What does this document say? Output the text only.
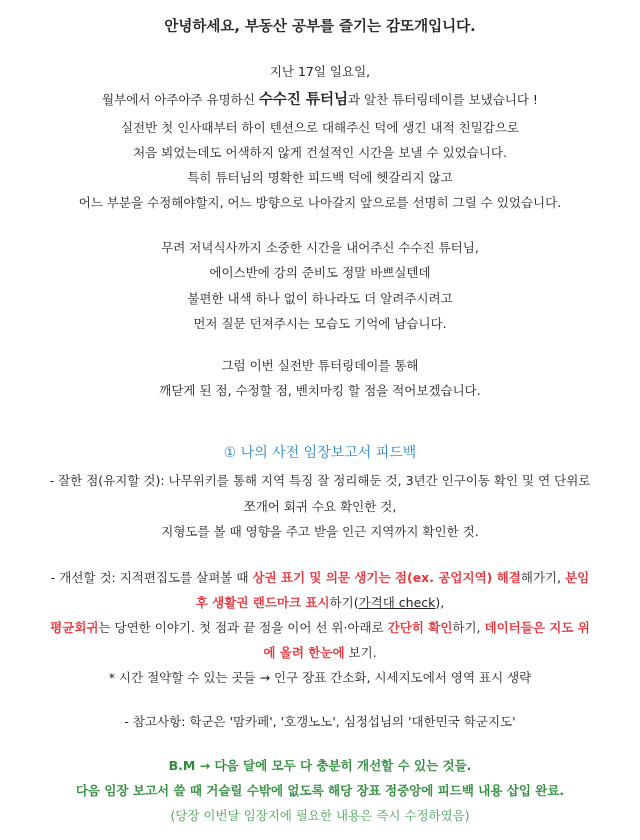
안녕하세요, 부동산 공부를 즐기는 감또개입니다.
지난 17일 일요일,
월부에서 아주아주 유명하신 수수진 튜터님과 알찬 튜터링데이를 보냈습니다 !
실전반 첫 인사때부터 하이 텐션으로 대해주신 덕에 생긴 내적 친밀감으로
처음 뵈었는데도 어색하지 않게 건설적인 시간을 보낼 수 있었습니다.
특히 튜터님의 명확한 피드백 덕에 헷갈리지 않고
어느 부분을 수정해야할지, 어느 방향으로 나아갈지 앞으로를 선명히 그릴 수 있었습니다.
무려 저녁식사까지 소중한 시간을 내어주신 수수진 튜터님,
에이스반에 강의 준비도 정말 바쁘실텐데
불편한 내색 하나 없이 하나라도 더 알려주시려고
먼저 질문 던져주시는 모습도 기억에 남습니다.
그럼 이번 실전반 튜터링데이를 통해
깨닫게 된 점, 수정할 점, 벤치마킹 할 점을 적어보겠습니다.
① 나의 사전 임장보고서 피드백
- 잘한 점(유지할 것): 나무위키를 통해 지역 특징 잘 정리해둔 것, 3년간 인구이동 확인 및 연 단위로
쪼개어 회귀 수요 확인한 것,
지형도를 볼 때 영향을 주고 받을 인근 지역까지 확인한 것.
- 개선할 것: 지적편집도를 살펴볼 때 상권 표기 및 의문 생기는 점(ex. 공업지역) 해결해가기, 분임
후 생활권 랜드마크 표시하기(가격대 check),
평균회귀는 당연한 이야기. 첫 점과 끝 점을 이어 선 위·아래로 간단히 확인하기, 데이터들은 지도 위
에 올려 한눈에 보기.
* 시간 절약할 수 있는 곳들 → 인구 장표 간소화, 시세지도에서 영역 표시 생략
- 참고사항: 학군은 '맘카페', '호갱노노', 심정섭님의 '대한민국 학군지도'
B.M → 다음 달에 모두 다 충분히 개선할 수 있는 것들.
다음 임장 보고서 쓸 때 거슬릴 수밖에 없도록 해당 장표 정중앙에 피드백 내용 삽입 완료.
(당장 이번달 임장지에 필요한 내용은 즉시 수정하였음)
